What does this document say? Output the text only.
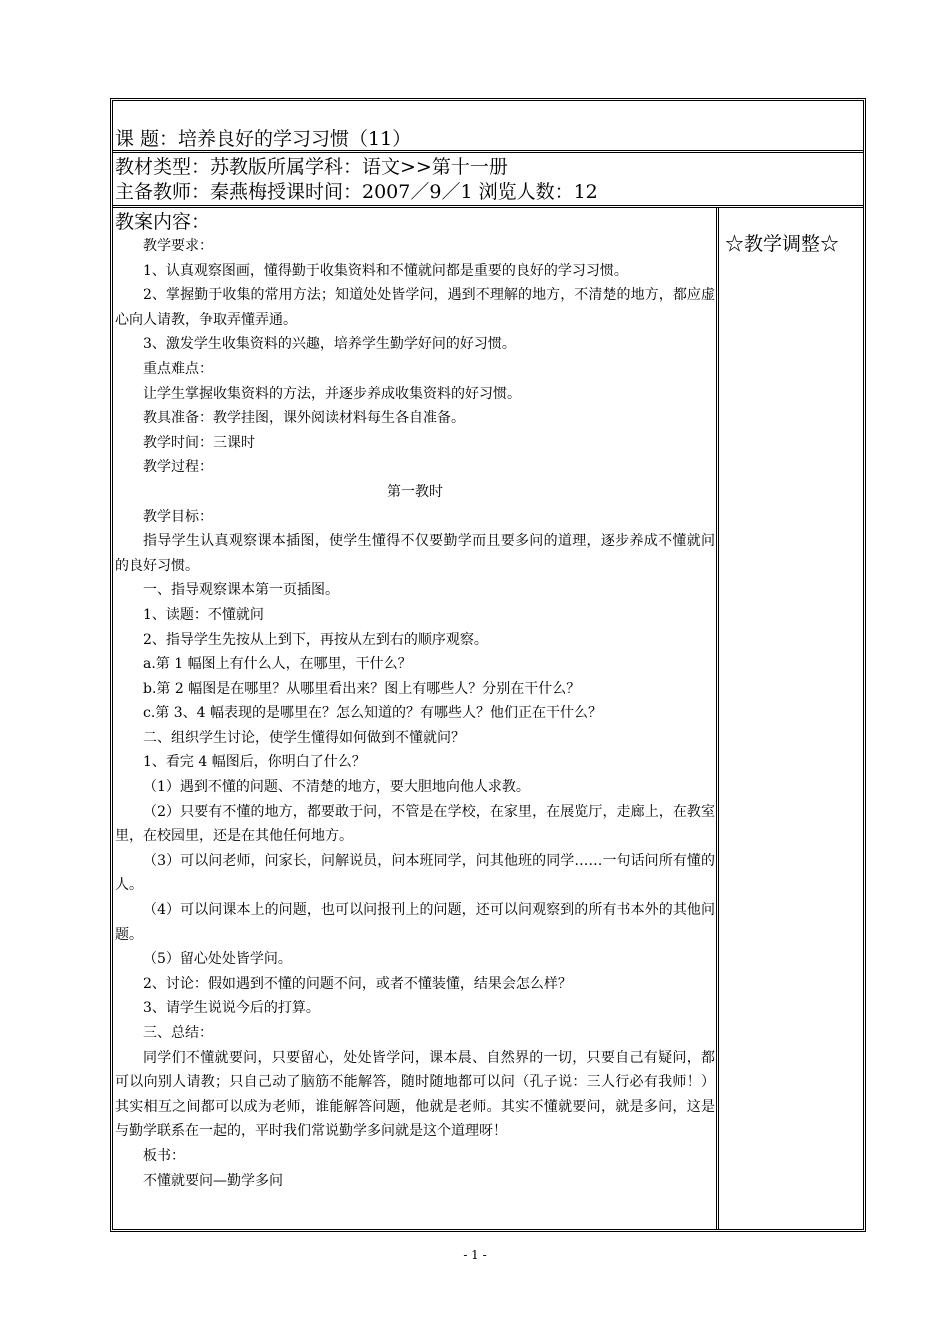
课 题：培养良好的学习习惯（11）
教材类型：苏教版所属学科：语文>>第十一册
主备教师：秦燕梅授课时间：2007／9／1 浏览人数：12
教案内容：

教学要求：

1、认真观察图画，懂得勤于收集资料和不懂就问都是重要的良好的学习习惯。

2、掌握勤于收集的常用方法；知道处处皆学问，遇到不理解的地方，不清楚的地方，都应虚心向人请教，争取弄懂弄通。

3、激发学生收集资料的兴趣，培养学生勤学好问的好习惯。

重点难点：

让学生掌握收集资料的方法，并逐步养成收集资料的好习惯。

教具准备：教学挂图，课外阅读材料每生各自准备。

教学时间：三课时

教学过程：

第一教时

教学目标：

指导学生认真观察课本插图，使学生懂得不仅要勤学而且要多问的道理，逐步养成不懂就问的良好习惯。

一、指导观察课本第一页插图。

1、读题：不懂就问

2、指导学生先按从上到下，再按从左到右的顺序观察。

a.第 1 幅图上有什么人，在哪里，干什么？

b.第 2 幅图是在哪里？从哪里看出来？图上有哪些人？分别在干什么？

c.第 3、4 幅表现的是哪里在？怎么知道的？有哪些人？他们正在干什么？

二、组织学生讨论，使学生懂得如何做到不懂就问？

1、看完 4 幅图后，你明白了什么？

（1）遇到不懂的问题、不清楚的地方，要大胆地向他人求教。

（2）只要有不懂的地方，都要敢于问，不管是在学校，在家里，在展览厅，走廊上，在教室里，在校园里，还是在其他任何地方。

（3）可以问老师，问家长，问解说员，问本班同学，问其他班的同学……一句话问所有懂的人。

（4）可以问课本上的问题，也可以问报刊上的问题，还可以问观察到的所有书本外的其他问题。

（5）留心处处皆学问。

2、讨论：假如遇到不懂的问题不问，或者不懂装懂，结果会怎么样？

3、请学生说说今后的打算。

三、总结：

同学们不懂就要问，只要留心，处处皆学问，课本晨、自然界的一切，只要自己有疑问，都可以向别人请教；只自己动了脑筋不能解答，随时随地都可以问（孔子说：三人行必有我师！）其实相互之间都可以成为老师，谁能解答问题，他就是老师。其实不懂就要问，就是多问，这是与勤学联系在一起的，平时我们常说勤学多问就是这个道理呀！

板书：

不懂就要问—勤学多问

☆教学调整☆
- 1 -
